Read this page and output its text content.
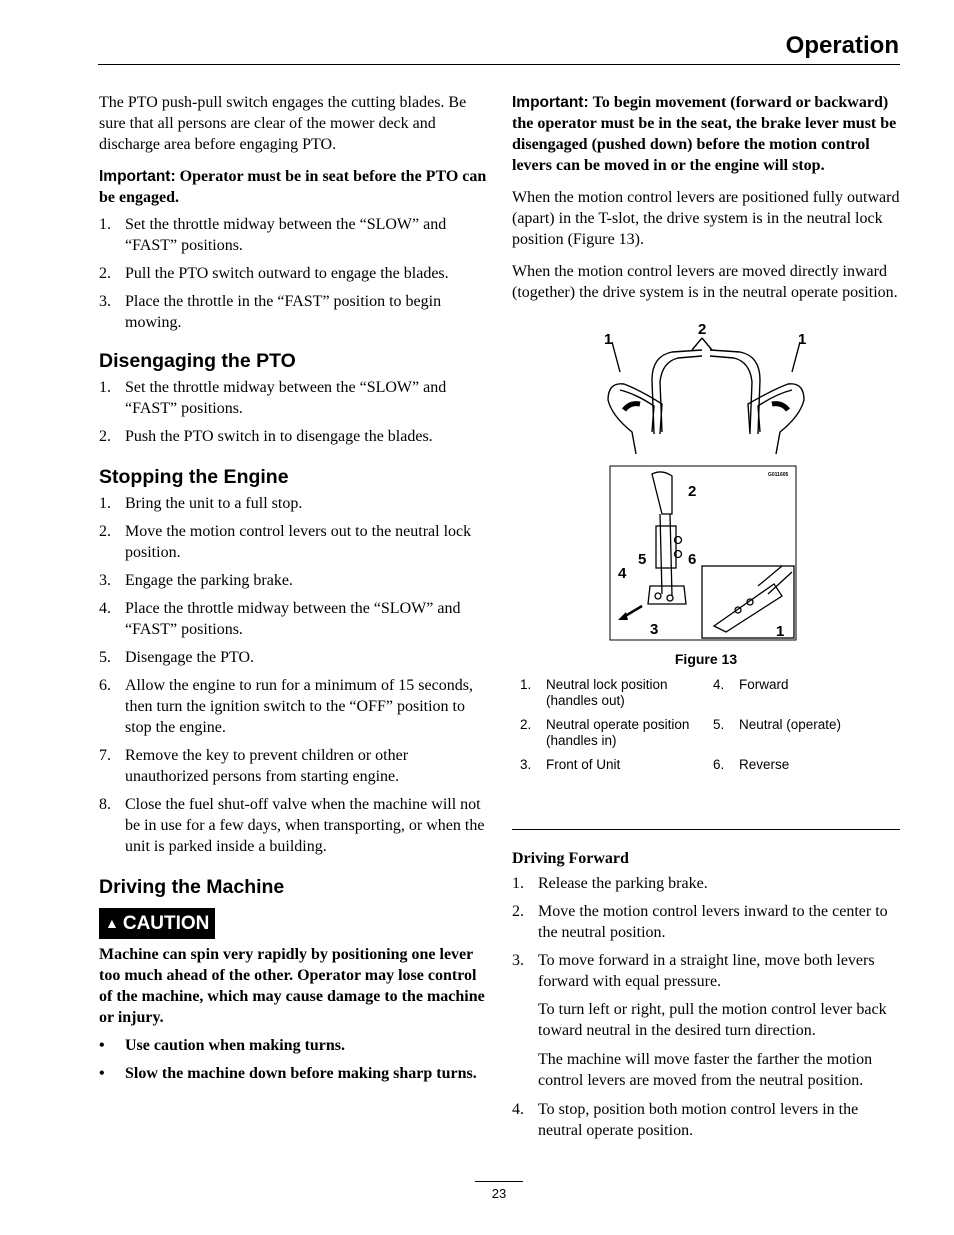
Operation

The PTO push-pull switch engages the cutting blades. Be sure that all persons are clear of the mower deck and discharge area before engaging PTO.

Important: Operator must be in seat before the PTO can be engaged.

1. Set the throttle midway between the “SLOW” and “FAST” positions.
2. Pull the PTO switch outward to engage the blades.
3. Place the throttle in the “FAST” position to begin mowing.
Disengaging the PTO
1. Set the throttle midway between the “SLOW” and “FAST” positions.
2. Push the PTO switch in to disengage the blades.
Stopping the Engine
1. Bring the unit to a full stop.
2. Move the motion control levers out to the neutral lock position.
3. Engage the parking brake.
4. Place the throttle midway between the “SLOW” and “FAST” positions.
5. Disengage the PTO.
6. Allow the engine to run for a minimum of 15 seconds, then turn the ignition switch to the “OFF” position to stop the engine.
7. Remove the key to prevent children or other unauthorized persons from starting engine.
8. Close the fuel shut-off valve when the machine will not be in use for a few days, when transporting, or when the unit is parked inside a building.
Driving the Machine
▲ CAUTION

Machine can spin very rapidly by positioning one lever too much ahead of the other. Operator may lose control of the machine, which may cause damage to the machine or injury.

• Use caution when making turns.
• Slow the machine down before making sharp turns.

Important: To begin movement (forward or backward) the operator must be in the seat, the brake lever must be disengaged (pushed down) before the motion control levers can be moved in or the engine will stop.

When the motion control levers are positioned fully outward (apart) in the T-slot, the drive system is in the neutral lock position (Figure 13).

When the motion control levers are moved directly inward (together) the drive system is in the neutral operate position.

1
2
1
G011605
2
5	6
4
3	1
Figure 13
1.	Neutral lock position (handles out)	4.	Forward
2.	Neutral operate position (handles in)	5.	Neutral (operate)
3.	Front of Unit	6.	Reverse

Driving Forward

1. Release the parking brake.
2. Move the motion control levers inward to the center to the neutral position.
3. To move forward in a straight line, move both levers forward with equal pressure.

To turn left or right, pull the motion control lever back toward neutral in the desired turn direction.

The machine will move faster the farther the motion control levers are moved from the neutral position.

4. To stop, position both motion control levers in the neutral operate position.
23
